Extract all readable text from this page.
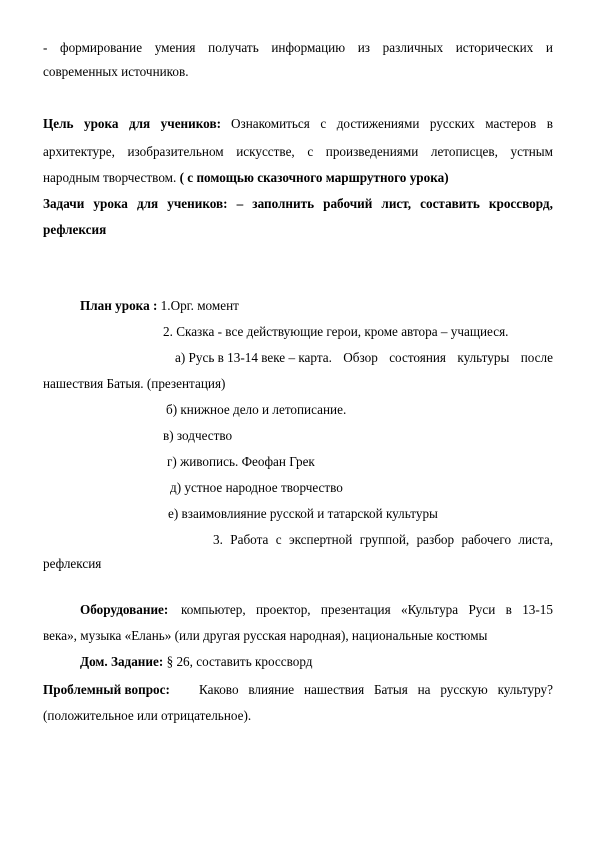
- формирование умения получать информацию из различных исторических и
современных источников.
Цель урока для учеников: Ознакомиться с достижениями русских мастеров в
архитектуре, изобразительном искусстве, с произведениями летописцев, устным
народным творчеством. ( с помощью сказочного маршрутного урока)
Задачи урока для учеников: – заполнить рабочий лист, составить кроссворд,
рефлексия
План урока : 1.Орг. момент
2. Сказка - все действующие герои, кроме автора – учащиеся.
а) Русь в 13-14 веке – карта. Обзор состояния культуры после
нашествия Батыя. (презентация)
б) книжное дело и летописание.
в) зодчество
г) живопись. Феофан Грек
д) устное народное творчество
е) взаимовлияние русской и татарской культуры
3. Работа с экспертной группой, разбор рабочего листа,
рефлексия
Оборудование: компьютер, проектор, презентация «Культура Руси в 13-15
века», музыка «Елань» (или другая русская народная), национальные костюмы
Дом. Задание: § 26, составить кроссворд
Проблемный вопрос: Каково влияние нашествия Батыя на русскую культуру?
(положительное или отрицательное).
